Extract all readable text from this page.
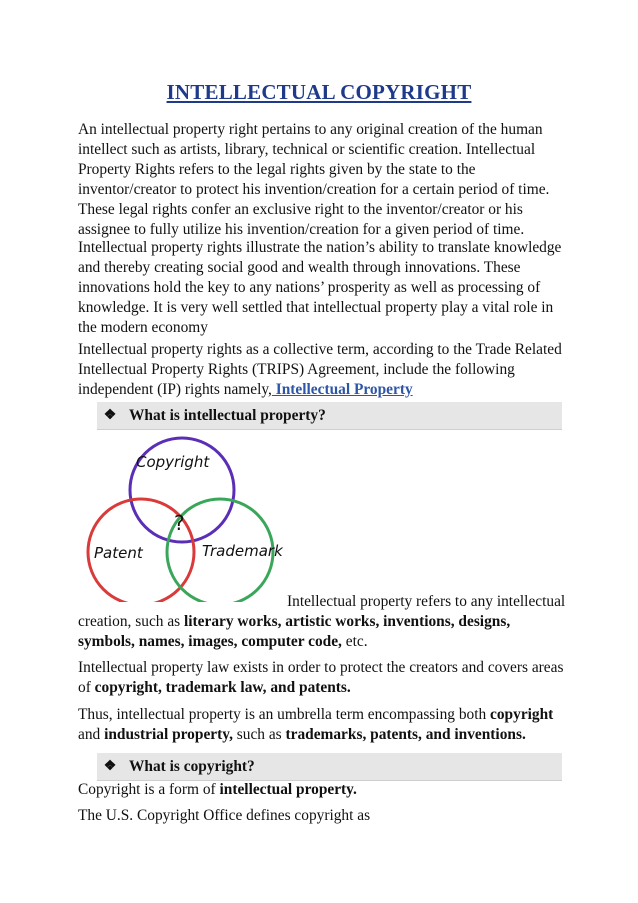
INTELLECTUAL COPYRIGHT
An intellectual property right pertains to any original creation of the human intellect such as artists, library, technical or scientific creation. Intellectual Property Rights refers to the legal rights given by the state to the inventor/creator to protect his invention/creation for a certain period of time. These legal rights confer an exclusive right to the inventor/creator or his assignee to fully utilize his invention/creation for a given period of time.
Intellectual property rights illustrate the nation’s ability to translate knowledge and thereby creating social good and wealth through innovations. These innovations hold the key to any nations’ prosperity as well as processing of knowledge. It is very well settled that intellectual property play a vital role in the modern economy
Intellectual property rights as a collective term, according to the Trade Related Intellectual Property Rights (TRIPS) Agreement, include the following independent (IP) rights namely, Intellectual Property
❖ What is intellectual property?
Copyright
Patent	Trademark
?
Intellectual property refers to any intellectual
creation, such as literary works, artistic works, inventions, designs, symbols, names, images, computer code, etc.
Intellectual property law exists in order to protect the creators and covers areas of copyright, trademark law, and patents.
Thus, intellectual property is an umbrella term encompassing both copyright and industrial property, such as trademarks, patents, and inventions.
❖ What is copyright?
Copyright is a form of intellectual property.
The U.S. Copyright Office defines copyright as
